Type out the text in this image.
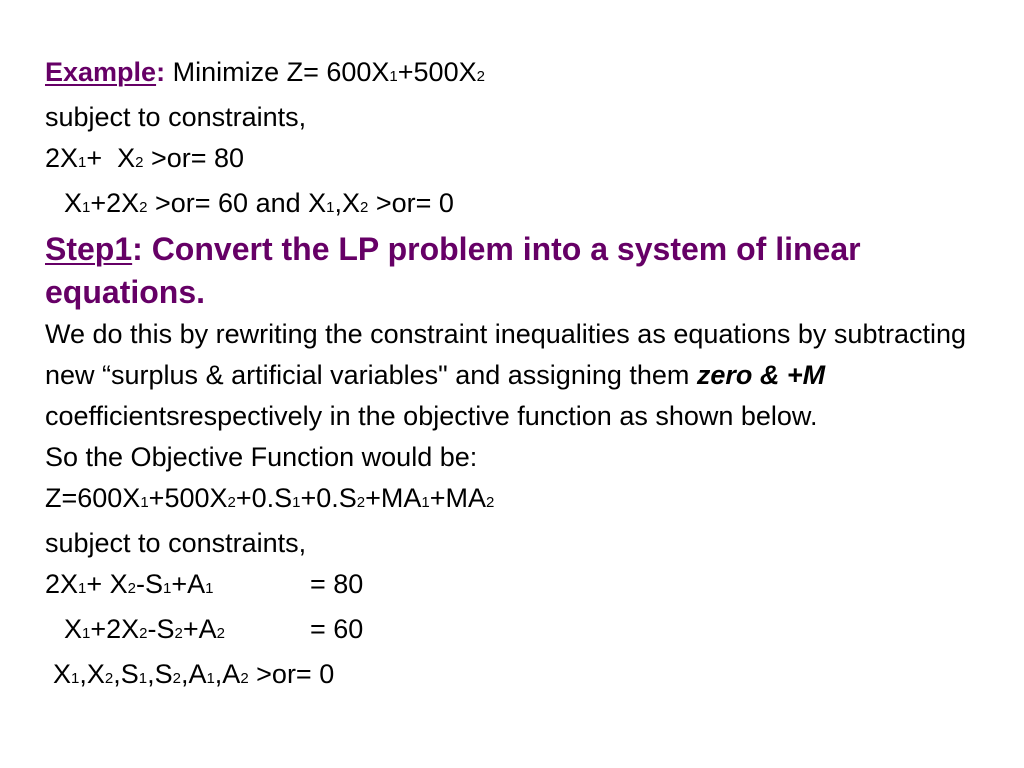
Example: Minimize Z= 600X1+500X2
subject to constraints,
2X1+  X2 >or= 80
X1+2X2 >or= 60 and X1,X2 >or= 0
Step1: Convert the LP problem into a system of linear equations.
We do this by rewriting the constraint inequalities as equations by subtracting new “surplus & artificial variables" and assigning them zero & +M coefficientsrespectively in the objective function as shown below.
So the Objective Function would be:
Z=600X1+500X2+0.S1+0.S2+MA1+MA2
subject to constraints,
2X1+ X2-S1+A1	= 80
X1+2X2-S2+A2	= 60
X1,X2,S1,S2,A1,A2 >or= 0
